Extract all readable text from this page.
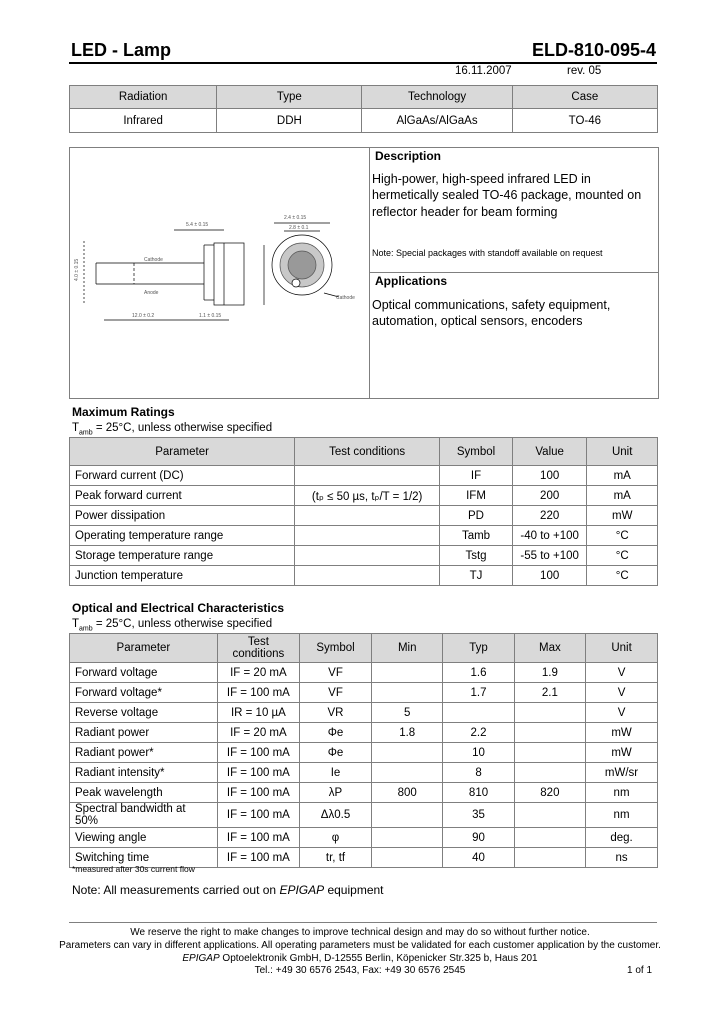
LED - Lamp	ELD-810-095-4
16.11.2007	rev. 05
Radiation	Type	Technology	Case
Infrared	DDH	AlGaAs/AlGaAs	TO-46
5.4 ± 0.15
2.4 ± 0.15
2.8 ± 0.1
12.0 ± 0.2	1.1 ± 0.15
Cathode
Anode
Cathode
4.0 ± 0.15
Description
High-power, high-speed infrared LED in hermetically sealed TO-46 package, mounted on reflector header for beam forming
Note: Special packages with standoff available on request
Applications
Optical communications, safety equipment, automation, optical sensors, encoders
Maximum Ratings
$T_{amb} = 25^\circ C$, unless otherwise specified
Parameter	Test conditions	Symbol	Value	Unit
Forward current (DC)		IF	100	mA
Peak forward current	(tₚ ≤ 50 µs, tₚ/T = 1/2)	IFM	200	mA
Power dissipation		PD	220	mW
Operating temperature range		Tamb	-40 to +100	°C
Storage temperature range		Tstg	-55 to +100	°C
Junction temperature		TJ	100	°C
Optical and Electrical Characteristics
$T_{amb} = 25^\circ C$, unless otherwise specified
Parameter	Test conditions	Symbol	Min	Typ	Max	Unit
Forward voltage	IF = 20 mA	VF		1.6	1.9	V
Forward voltage*	IF = 100 mA	VF		1.7	2.1	V
Reverse voltage	IR = 10 µA	VR	5			V
Radiant power	IF = 20 mA	Φe	1.8	2.2		mW
Radiant power*	IF = 100 mA	Φe		10		mW
Radiant intensity*	IF = 100 mA	Ie		8		mW/sr
Peak wavelength	IF = 100 mA	λP	800	810	820	nm
Spectral bandwidth at 50%	IF = 100 mA	Δλ0.5		35		nm
Viewing angle	IF = 100 mA	φ		90		deg.
Switching time	IF = 100 mA	tr, tf		40		ns
*measured after 30s current flow
Note: All measurements carried out on EPIGAP equipment
We reserve the right to make changes to improve technical design and may do so without further notice.
Parameters can vary in different applications. All operating parameters must be validated for each customer application by the customer.
EPIGAP Optoelektronik GmbH, D-12555 Berlin, Köpenicker Str.325 b, Haus 201
Tel.: +49 30 6576 2543, Fax: +49 30 6576 2545	1 of 1
